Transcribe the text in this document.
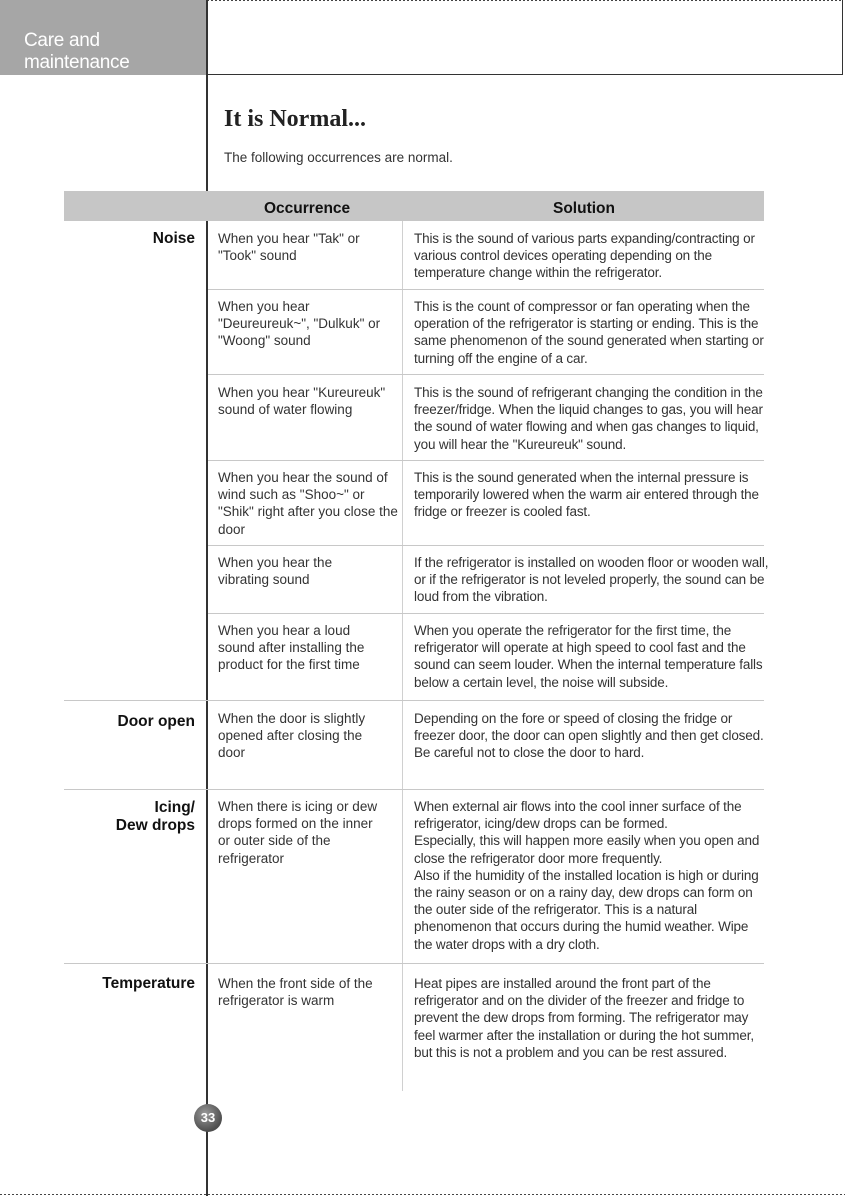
Care and maintenance
It is Normal...

The following occurrences are normal.

Occurrence	Solution
Noise
Door open
Icing/
Dew drops
Temperature
When you hear "Tak" or "Took" sound
This is the sound of various parts expanding/contracting or various control devices operating depending on the temperature change within the refrigerator.
When you hear "Deureureuk~", "Dulkuk" or "Woong" sound
This is the count of compressor or fan operating when the operation of the refrigerator is starting or ending. This is the same phenomenon of the sound generated when starting or turning off the engine of a car.
When you hear "Kureureuk" sound of water flowing
This is the sound of refrigerant changing the condition in the freezer/fridge. When the liquid changes to gas, you will hear the sound of water flowing and when gas changes to liquid, you will hear the "Kureureuk" sound.
When you hear the sound of wind such as "Shoo~" or "Shik" right after you close the door
This is the sound generated when the internal pressure is temporarily lowered when the warm air entered through the fridge or freezer is cooled fast.
When you hear the vibrating sound
If the refrigerator is installed on wooden floor or wooden wall, or if the refrigerator is not leveled properly, the sound can be loud from the vibration.
When you hear a loud sound after installing the product for the first time
When you operate the refrigerator for the first time, the refrigerator will operate at high speed to cool fast and the sound can seem louder. When the internal temperature falls below a certain level, the noise will subside.
When the door is slightly opened after closing the door
Depending on the fore or speed of closing the fridge or freezer door, the door can open slightly and then get closed.
Be careful not to close the door to hard.
When there is icing or dew drops formed on the inner or outer side of the refrigerator
When external air flows into the cool inner surface of the refrigerator, icing/dew drops can be formed.
Especially, this will happen more easily when you open and close the refrigerator door more frequently.
Also if the humidity of the installed location is high or during the rainy season or on a rainy day, dew drops can form on the outer side of the refrigerator. This is a natural phenomenon that occurs during the humid weather. Wipe the water drops with a dry cloth.
When the front side of the refrigerator is warm
Heat pipes are installed around the front part of the refrigerator and on the divider of the freezer and fridge to prevent the dew drops from forming. The refrigerator may feel warmer after the installation or during the hot summer, but this is not a problem and you can be rest assured.
33
